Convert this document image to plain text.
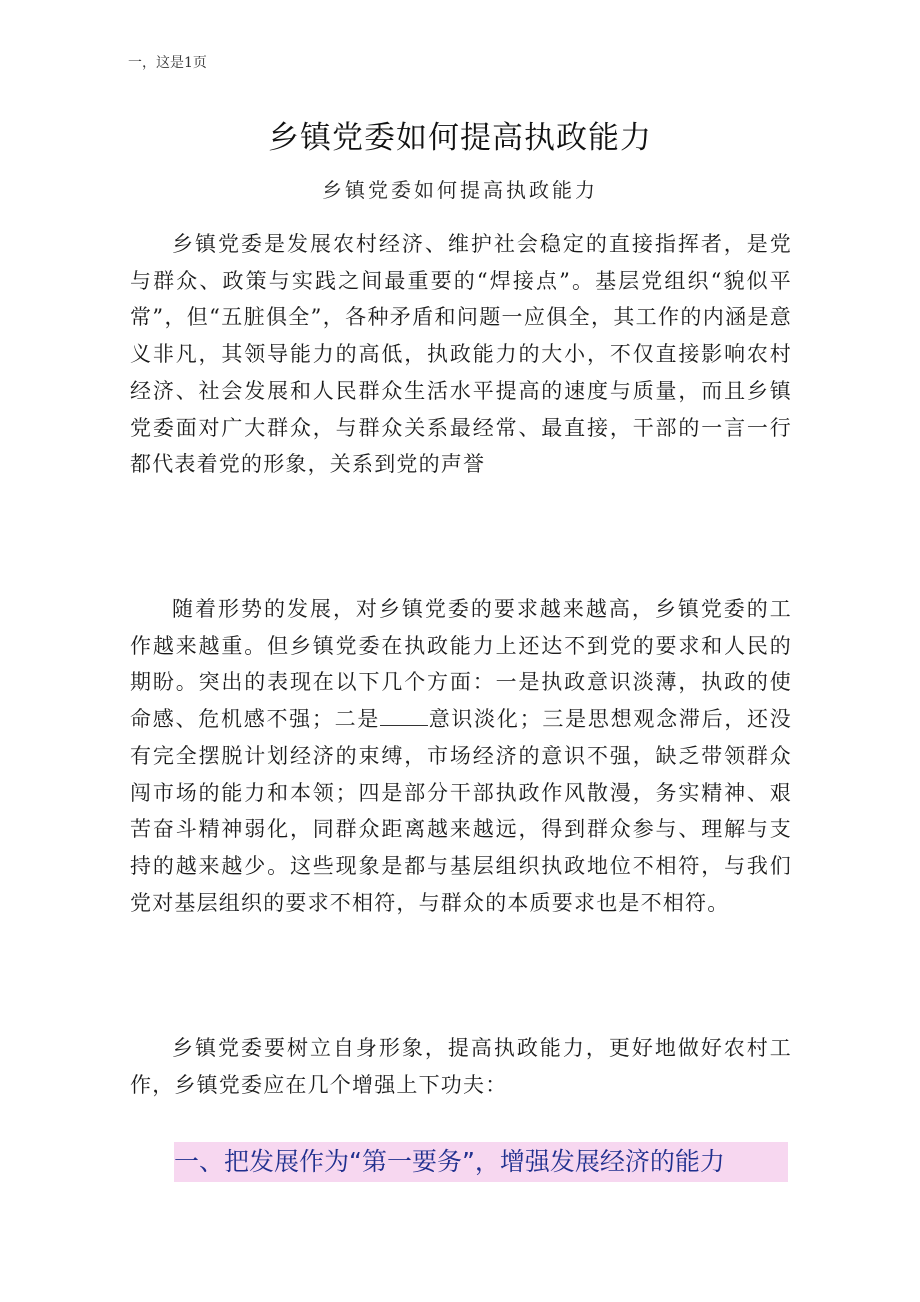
一，这是1页
乡镇党委如何提高执政能力
乡镇党委如何提高执政能力

乡镇党委是发展农村经济、维护社会稳定的直接指挥者，是党与群众、政策与实践之间最重要的“焊接点”。基层党组织“貌似平常”，但“五脏俱全”，各种矛盾和问题一应俱全，其工作的内涵是意义非凡，其领导能力的高低，执政能力的大小，不仅直接影响农村经济、社会发展和人民群众生活水平提高的速度与质量，而且乡镇党委面对广大群众，与群众关系最经常、最直接，干部的一言一行都代表着党的形象，关系到党的声誉

随着形势的发展，对乡镇党委的要求越来越高，乡镇党委的工作越来越重。但乡镇党委在执政能力上还达不到党的要求和人民的期盼。突出的表现在以下几个方面：一是执政意识淡薄，执政的使命感、危机感不强；二是 意识淡化；三是思想观念滞后，还没有完全摆脱计划经济的束缚，市场经济的意识不强，缺乏带领群众闯市场的能力和本领；四是部分干部执政作风散漫，务实精神、艰苦奋斗精神弱化，同群众距离越来越远，得到群众参与、理解与支持的越来越少。这些现象是都与基层组织执政地位不相符，与我们党对基层组织的要求不相符，与群众的本质要求也是不相符。

乡镇党委要树立自身形象，提高执政能力，更好地做好农村工作，乡镇党委应在几个增强上下功夫：

一、把发展作为“第一要务”，增强发展经济的能力
